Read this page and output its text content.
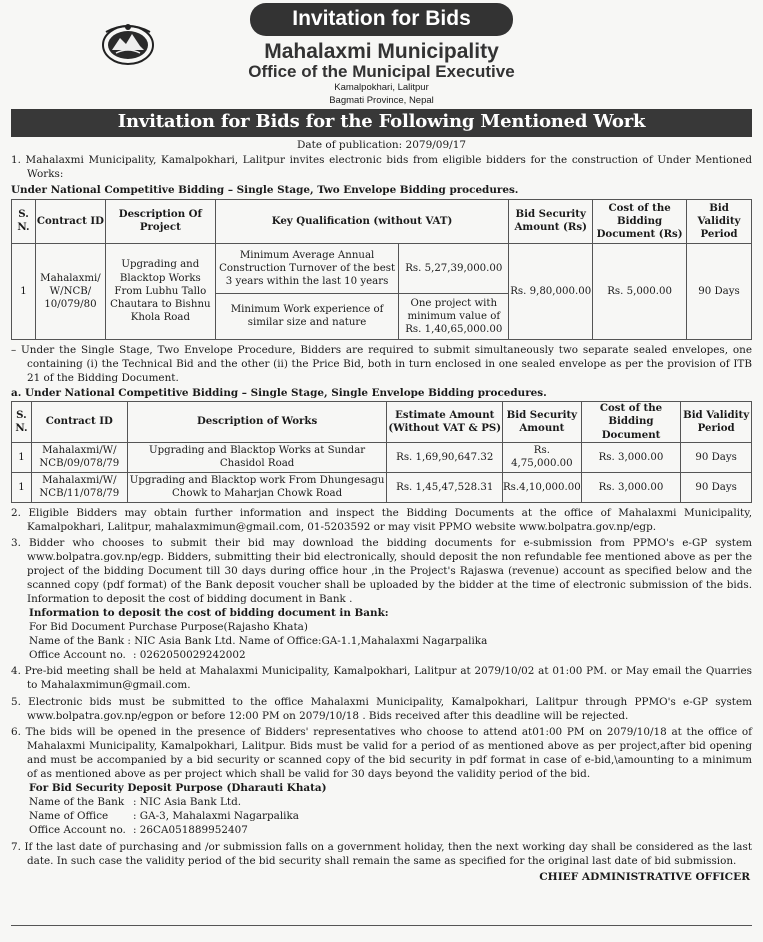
Invitation for Bids
Mahalaxmi Municipality
Office of the Municipal Executive
Kamalpokhari, Lalitpur
Bagmati Province, Nepal
Invitation for Bids for the Following Mentioned Work
Date of publication: 2079/09/17

1. Mahalaxmi Municipality, Kamalpokhari, Lalitpur invites electronic bids from eligible bidders for the construction of Under Mentioned Works:

Under National Competitive Bidding – Single Stage, Two Envelope Bidding procedures.

S. N.	Contract ID	Description Of Project	Key Qualification (without VAT)		Bid Security Amount (Rs)	Cost of the Bidding Document (Rs)	Bid Validity Period
1	Mahalaxmi/ W/NCB/ 10/079/80	Upgrading and Blacktop Works From Lubhu Tallo Chautara to Bishnu Khola Road	Minimum Average Annual Construction Turnover of the best 3 years within the last 10 years	Rs. 5,27,39,000.00	Rs. 9,80,000.00	Rs. 5,000.00	90 Days
			Minimum Work experience of similar size and nature	One project with minimum value of Rs. 1,40,65,000.00			

– Under the Single Stage, Two Envelope Procedure, Bidders are required to submit simultaneously two separate sealed envelopes, one containing (i) the Technical Bid and the other (ii) the Price Bid, both in turn enclosed in one sealed envelope as per the provision of ITB 21 of the Bidding Document.

a. Under National Competitive Bidding – Single Stage, Single Envelope Bidding procedures.

S. N.	Contract ID	Description of Works	Estimate Amount (Without VAT & PS)	Bid Security Amount	Cost of the Bidding Document	Bid Validity Period
1	Mahalaxmi/W/ NCB/09/078/79	Upgrading and Blacktop Works at Sundar Chasidol Road	Rs. 1,69,90,647.32	Rs. 4,75,000.00	Rs. 3,000.00	90 Days
1	Mahalaxmi/W/ NCB/11/078/79	Upgrading and Blacktop work From Dhungesagu Chowk to Maharjan Chowk Road	Rs. 1,45,47,528.31	Rs.4,10,000.00	Rs. 3,000.00	90 Days

2. Eligible Bidders may obtain further information and inspect the Bidding Documents at the office of Mahalaxmi Municipality, Kamalpokhari, Lalitpur, mahalaxmimun@gmail.com, 01-5203592 or may visit PPMO website www.bolpatra.gov.np/egp.

3. Bidder who chooses to submit their bid may download the bidding documents for e-submission from PPMO's e-GP system www.bolpatra.gov.np/egp. Bidders, submitting their bid electronically, should deposit the non refundable fee mentioned above as per the project of the bidding Document till 30 days during office hour ,in the Project's Rajaswa (revenue) account as specified below and the scanned copy (pdf format) of the Bank deposit voucher shall be uploaded by the bidder at the time of electronic submission of the bids. Information to deposit the cost of bidding document in Bank .

Information to deposit the cost of bidding document in Bank:
For Bid Document Purchase Purpose(Rajasho Khata)
Name of the Bank : NIC Asia Bank Ltd. Name of Office:GA-1.1,Mahalaxmi Nagarpalika
Office Account no. : 0262050029242002

4. Pre-bid meeting shall be held at Mahalaxmi Municipality, Kamalpokhari, Lalitpur at 2079/10/02 at 01:00 PM. or May email the Quarries to Mahalaxmimun@gmail.com.

5. Electronic bids must be submitted to the office Mahalaxmi Municipality, Kamalpokhari, Lalitpur through PPMO's e-GP system www.bolpatra.gov.np/egpon or before 12:00 PM on 2079/10/18 . Bids received after this deadline will be rejected.

6. The bids will be opened in the presence of Bidders' representatives who choose to attend at01:00 PM on 2079/10/18 at the office of Mahalaxmi Municipality, Kamalpokhari, Lalitpur. Bids must be valid for a period of as mentioned above as per project,after bid opening and must be accompanied by a bid security or scanned copy of the bid security in pdf format in case of e-bid,\amounting to a minimum of as mentioned above as per project which shall be valid for 30 days beyond the validity period of the bid.

For Bid Security Deposit Purpose (Dharauti Khata)
Name of the Bank : NIC Asia Bank Ltd.
Name of Office	: GA-3, Mahalaxmi Nagarpalika
Office Account no. : 26CA051889952407

7. If the last date of purchasing and /or submission falls on a government holiday, then the next working day shall be considered as the last date. In such case the validity period of the bid security shall remain the same as specified for the original last date of bid submission.

CHIEF ADMINISTRATIVE OFFICER
